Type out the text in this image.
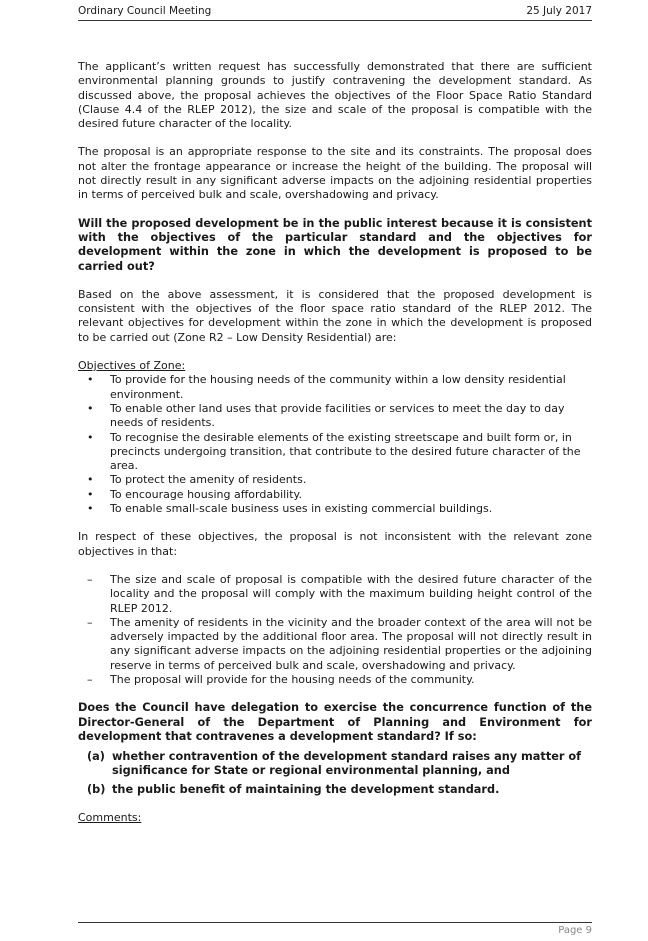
Ordinary Council Meeting	25 July 2017

The applicant’s written request has successfully demonstrated that there are sufficient environmental planning grounds to justify contravening the development standard. As discussed above, the proposal achieves the objectives of the Floor Space Ratio Standard (Clause 4.4 of the RLEP 2012), the size and scale of the proposal is compatible with the desired future character of the locality.

The proposal is an appropriate response to the site and its constraints. The proposal does not alter the frontage appearance or increase the height of the building. The proposal will not directly result in any significant adverse impacts on the adjoining residential properties in terms of perceived bulk and scale, overshadowing and privacy.

Will the proposed development be in the public interest because it is consistent with the objectives of the particular standard and the objectives for development within the zone in which the development is proposed to be carried out?

Based on the above assessment, it is considered that the proposed development is consistent with the objectives of the floor space ratio standard of the RLEP 2012. The relevant objectives for development within the zone in which the development is proposed to be carried out (Zone R2 – Low Density Residential) are:

Objectives of Zone:

• To provide for the housing needs of the community within a low density residential environment.
• To enable other land uses that provide facilities or services to meet the day to day needs of residents.
• To recognise the desirable elements of the existing streetscape and built form or, in precincts undergoing transition, that contribute to the desired future character of the area.
• To protect the amenity of residents.
• To encourage housing affordability.
• To enable small-scale business uses in existing commercial buildings.

In respect of these objectives, the proposal is not inconsistent with the relevant zone objectives in that:

– The size and scale of proposal is compatible with the desired future character of the locality and the proposal will comply with the maximum building height control of the RLEP 2012.
– The amenity of residents in the vicinity and the broader context of the area will not be adversely impacted by the additional floor area. The proposal will not directly result in any significant adverse impacts on the adjoining residential properties or the adjoining reserve in terms of perceived bulk and scale, overshadowing and privacy.
– The proposal will provide for the housing needs of the community.

Does the Council have delegation to exercise the concurrence function of the Director-General of the Department of Planning and Environment for development that contravenes a development standard? If so:

(a) whether contravention of the development standard raises any matter of significance for State or regional environmental planning, and
(b) the public benefit of maintaining the development standard.

Comments:

Page 9
